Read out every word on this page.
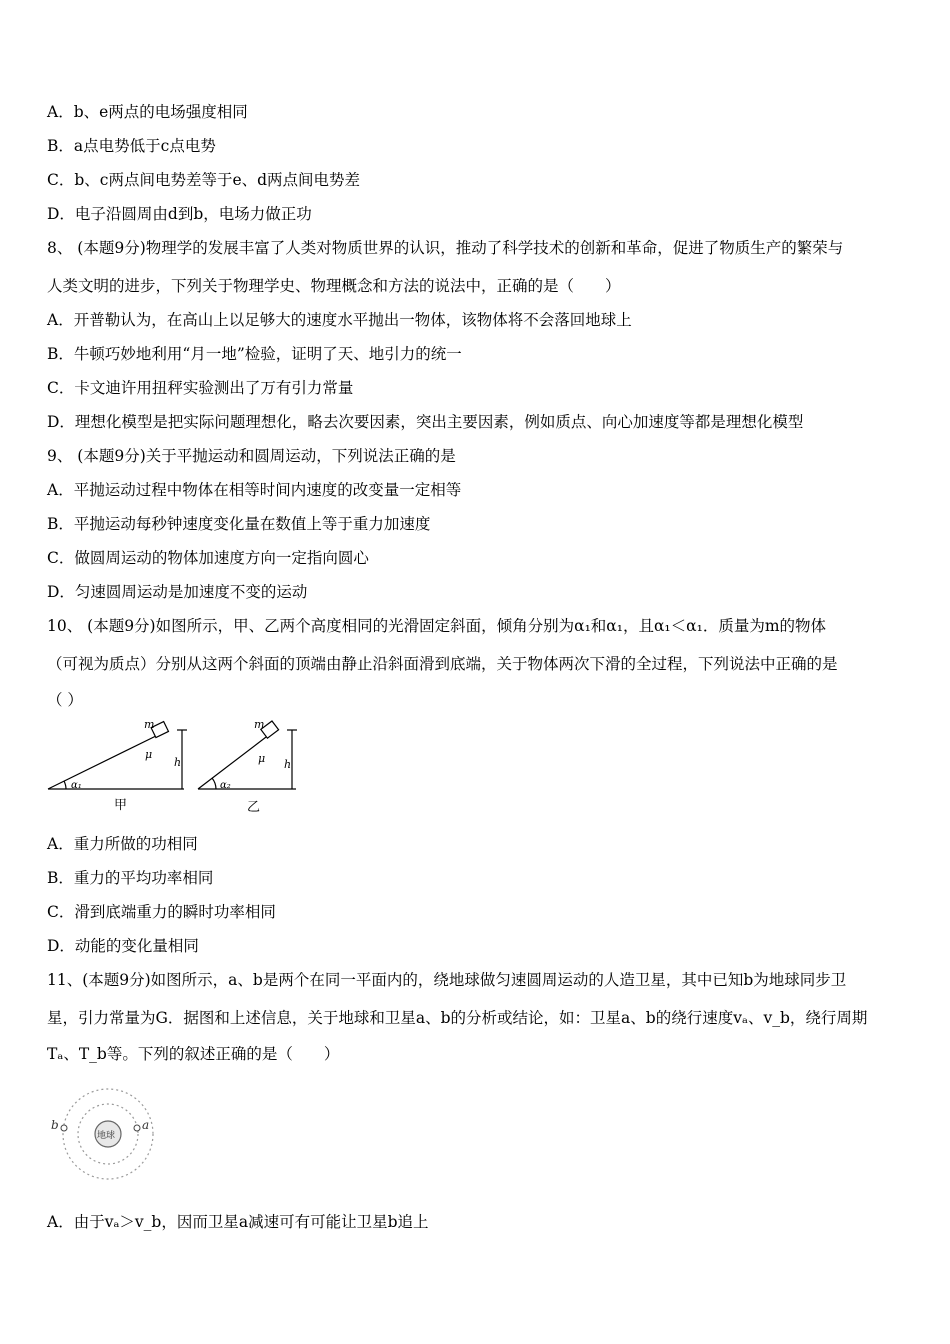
A．b、e两点的电场强度相同
B．a点电势低于c点电势
C．b、c两点间电势差等于e、d两点间电势差
D．电子沿圆周由d到b，电场力做正功
8、 (本题9分)物理学的发展丰富了人类对物质世界的认识，推动了科学技术的创新和革命，促进了物质生产的繁荣与
人类文明的进步，下列关于物理学史、物理概念和方法的说法中，正确的是（　　）
A．开普勒认为，在高山上以足够大的速度水平抛出一物体，该物体将不会落回地球上
B．牛顿巧妙地利用“月一地”检验，证明了天、地引力的统一
C．卡文迪许用扭秤实验测出了万有引力常量
D．理想化模型是把实际问题理想化，略去次要因素，突出主要因素，例如质点、向心加速度等都是理想化模型
9、 (本题9分)关于平抛运动和圆周运动，下列说法正确的是
A．平抛运动过程中物体在相等时间内速度的改变量一定相等
B．平抛运动每秒钟速度变化量在数值上等于重力加速度
C．做圆周运动的物体加速度方向一定指向圆心
D．匀速圆周运动是加速度不变的运动
10、 (本题9分)如图所示，甲、乙两个高度相同的光滑固定斜面，倾角分别为α₁和α₁，且α₁＜α₁．质量为m的物体
（可视为质点）分别从这两个斜面的顶端由静止沿斜面滑到底端，关于物体两次下滑的全过程，下列说法中正确的是
（ ）
m
μ
h
α₁
甲
m
μ h
α₂
乙
A．重力所做的功相同
B．重力的平均功率相同
C．滑到底端重力的瞬时功率相同
D．动能的变化量相同
11、(本题9分)如图所示，a、b是两个在同一平面内的，绕地球做匀速圆周运动的人造卫星，其中已知b为地球同步卫
星，引力常量为G．据图和上述信息，关于地球和卫星a、b的分析或结论，如：卫星a、b的绕行速度vₐ、v_b，绕行周期
Tₐ、T_b等。下列的叙述正确的是（　　）
地球
a
b
A．由于vₐ＞v_b，因而卫星a减速可有可能让卫星b追上
